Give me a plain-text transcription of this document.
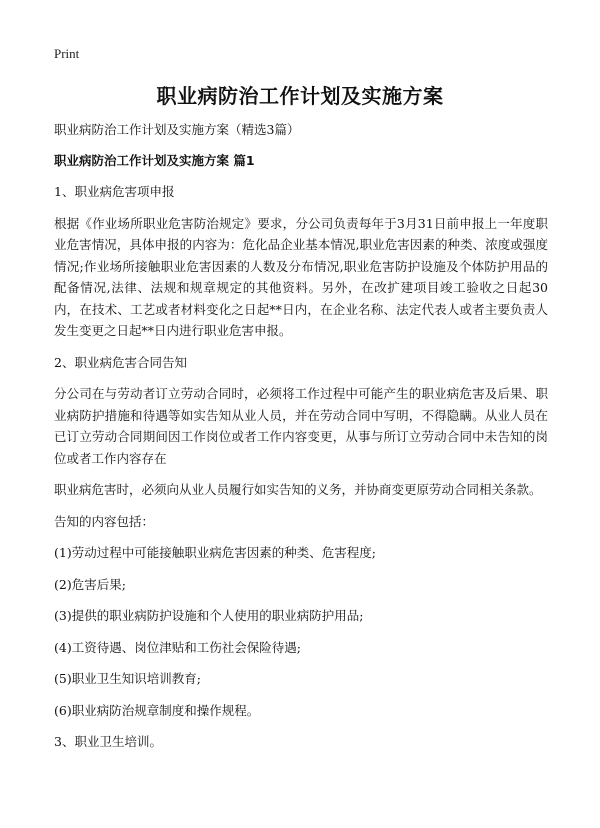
Print
职业病防治工作计划及实施方案

职业病防治工作计划及实施方案（精选3篇）

职业病防治工作计划及实施方案 篇1

1、职业病危害项申报

根据《作业场所职业危害防治规定》要求，分公司负责每年于3月31日前申报上一年度职业危害情况，具体申报的内容为：危化品企业基本情况,职业危害因素的种类、浓度或强度情况;作业场所接触职业危害因素的人数及分布情况,职业危害防护设施及个体防护用品的配备情况,法律、法规和规章规定的其他资料。另外，在改扩建项目竣工验收之日起30内，在技术、工艺或者材料变化之日起**日内，在企业名称、法定代表人或者主要负责人发生变更之日起**日内进行职业危害申报。

2、职业病危害合同告知

分公司在与劳动者订立劳动合同时，必须将工作过程中可能产生的职业病危害及后果、职业病防护措施和待遇等如实告知从业人员，并在劳动合同中写明，不得隐瞒。从业人员在已订立劳动合同期间因工作岗位或者工作内容变更，从事与所订立劳动合同中未告知的岗位或者工作内容存在

职业病危害时，必须向从业人员履行如实告知的义务，并协商变更原劳动合同相关条款。

告知的内容包括：

(1)劳动过程中可能接触职业病危害因素的种类、危害程度;

(2)危害后果;

(3)提供的职业病防护设施和个人使用的职业病防护用品;

(4)工资待遇、岗位津贴和工伤社会保险待遇;

(5)职业卫生知识培训教育;

(6)职业病防治规章制度和操作规程。

3、职业卫生培训。
